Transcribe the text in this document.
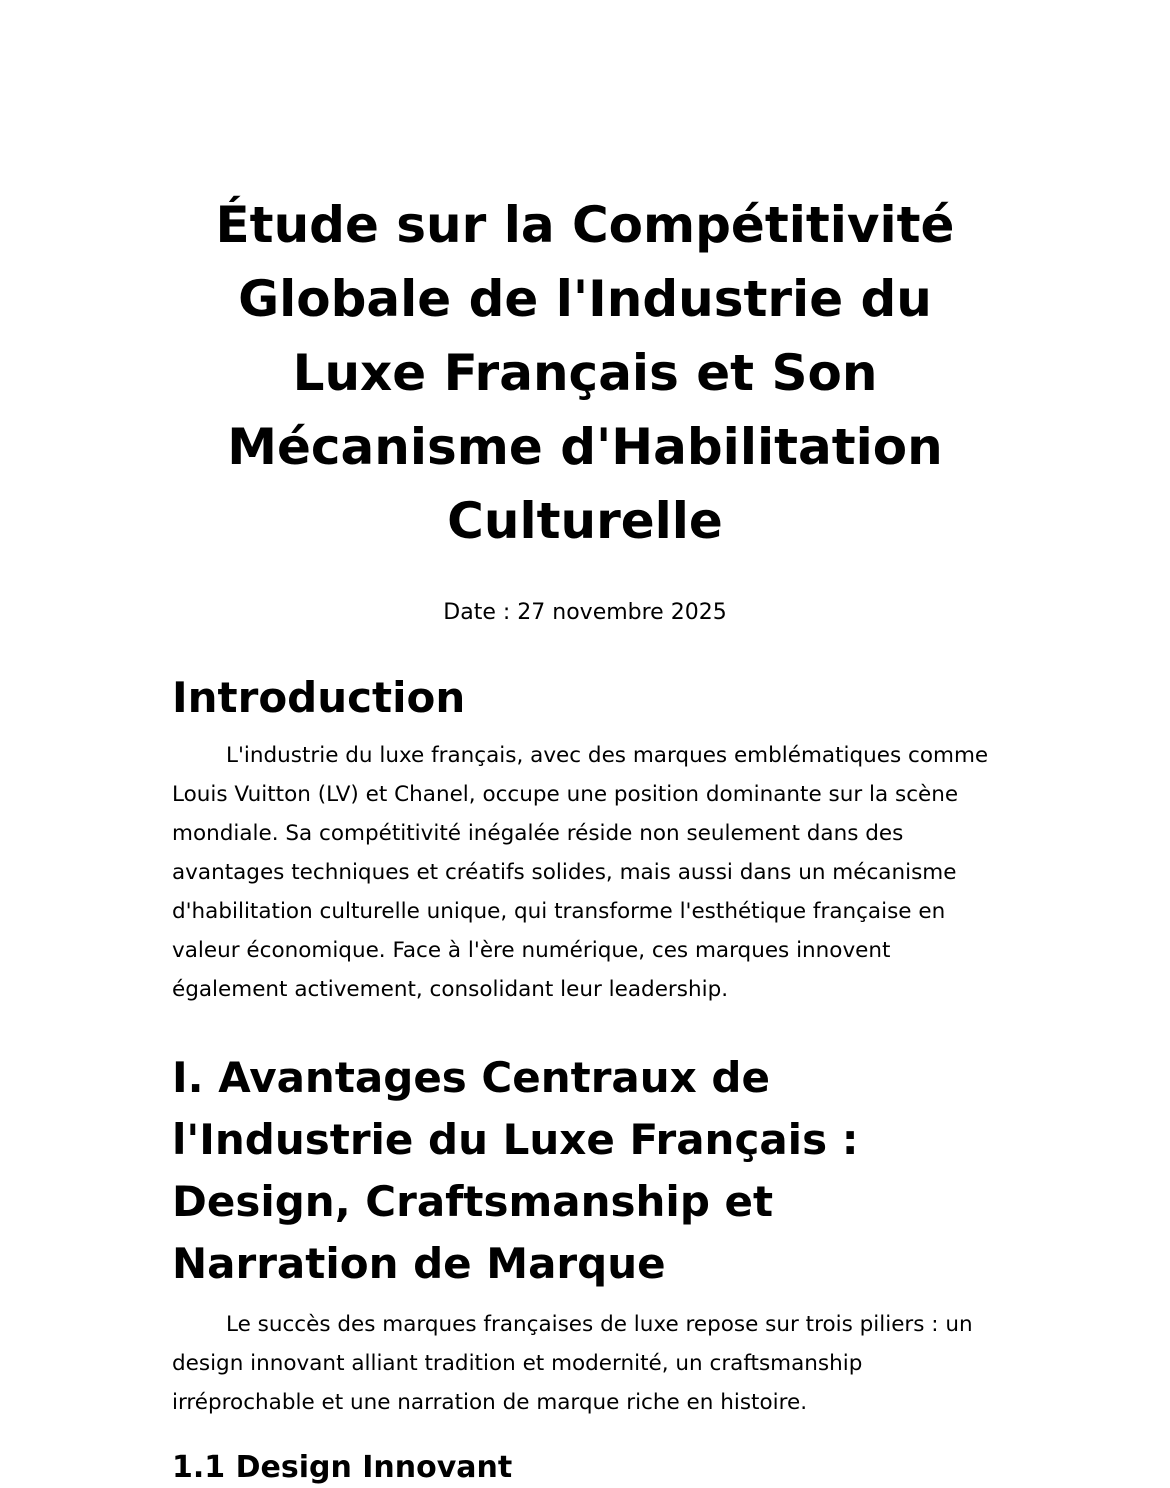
Étude sur la Compétitivité Globale de l'Industrie du Luxe Français et Son Mécanisme d'Habilitation Culturelle

Date : 27 novembre 2025

Introduction

L'industrie du luxe français, avec des marques emblématiques comme Louis Vuitton (LV) et Chanel, occupe une position dominante sur la scène mondiale. Sa compétitivité inégalée réside non seulement dans des avantages techniques et créatifs solides, mais aussi dans un mécanisme d'habilitation culturelle unique, qui transforme l'esthétique française en valeur économique. Face à l'ère numérique, ces marques innovent également activement, consolidant leur leadership.

I. Avantages Centraux de l'Industrie du Luxe Français : Design, Craftsmanship et Narration de Marque

Le succès des marques françaises de luxe repose sur trois piliers : un design innovant alliant tradition et modernité, un craftsmanship irréprochable et une narration de marque riche en histoire.

1.1 Design Innovant
